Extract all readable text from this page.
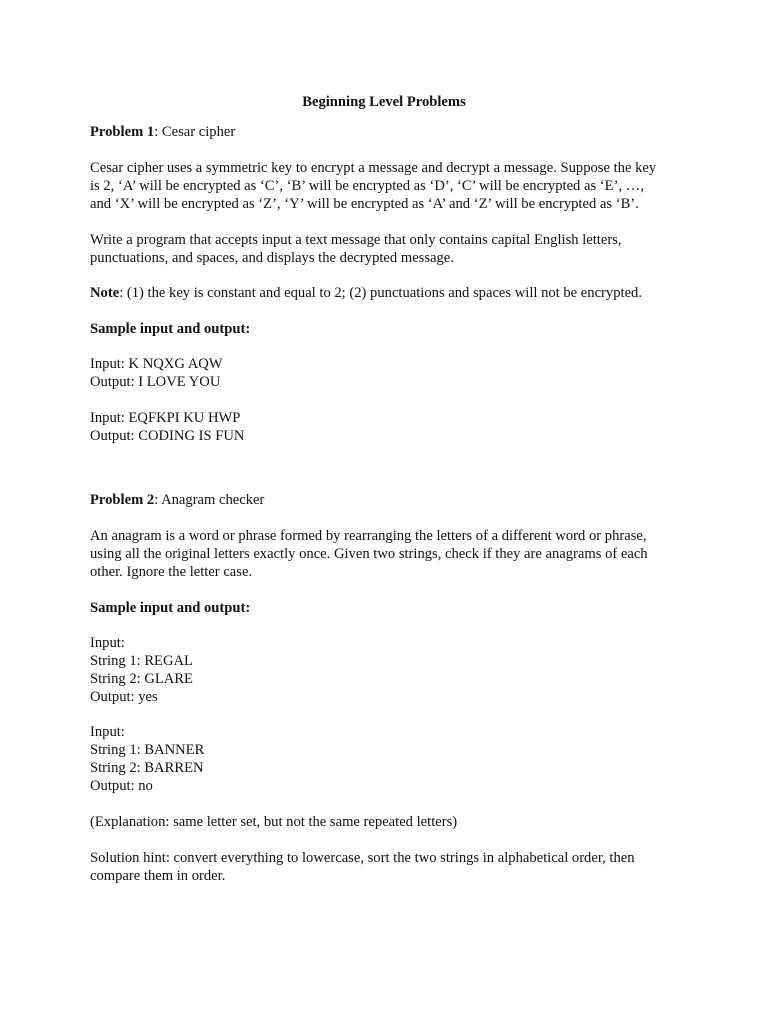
Beginning Level Problems
Problem 1: Cesar cipher
Cesar cipher uses a symmetric key to encrypt a message and decrypt a message. Suppose the key
is 2, ‘A’ will be encrypted as ‘C’, ‘B’ will be encrypted as ‘D’, ‘C’ will be encrypted as ‘E’, …,
and ‘X’ will be encrypted as ‘Z’, ‘Y’ will be encrypted as ‘A’ and ‘Z’ will be encrypted as ‘B’.
Write a program that accepts input a text message that only contains capital English letters,
punctuations, and spaces, and displays the decrypted message.
Note: (1) the key is constant and equal to 2; (2) punctuations and spaces will not be encrypted.
Sample input and output:
Input: K NQXG AQW
Output: I LOVE YOU
Input: EQFKPI KU HWP
Output: CODING IS FUN
Problem 2: Anagram checker
An anagram is a word or phrase formed by rearranging the letters of a different word or phrase,
using all the original letters exactly once. Given two strings, check if they are anagrams of each
other. Ignore the letter case.
Sample input and output:
Input:
String 1: REGAL
String 2: GLARE
Output: yes
Input:
String 1: BANNER
String 2: BARREN
Output: no
(Explanation: same letter set, but not the same repeated letters)
Solution hint: convert everything to lowercase, sort the two strings in alphabetical order, then
compare them in order.
